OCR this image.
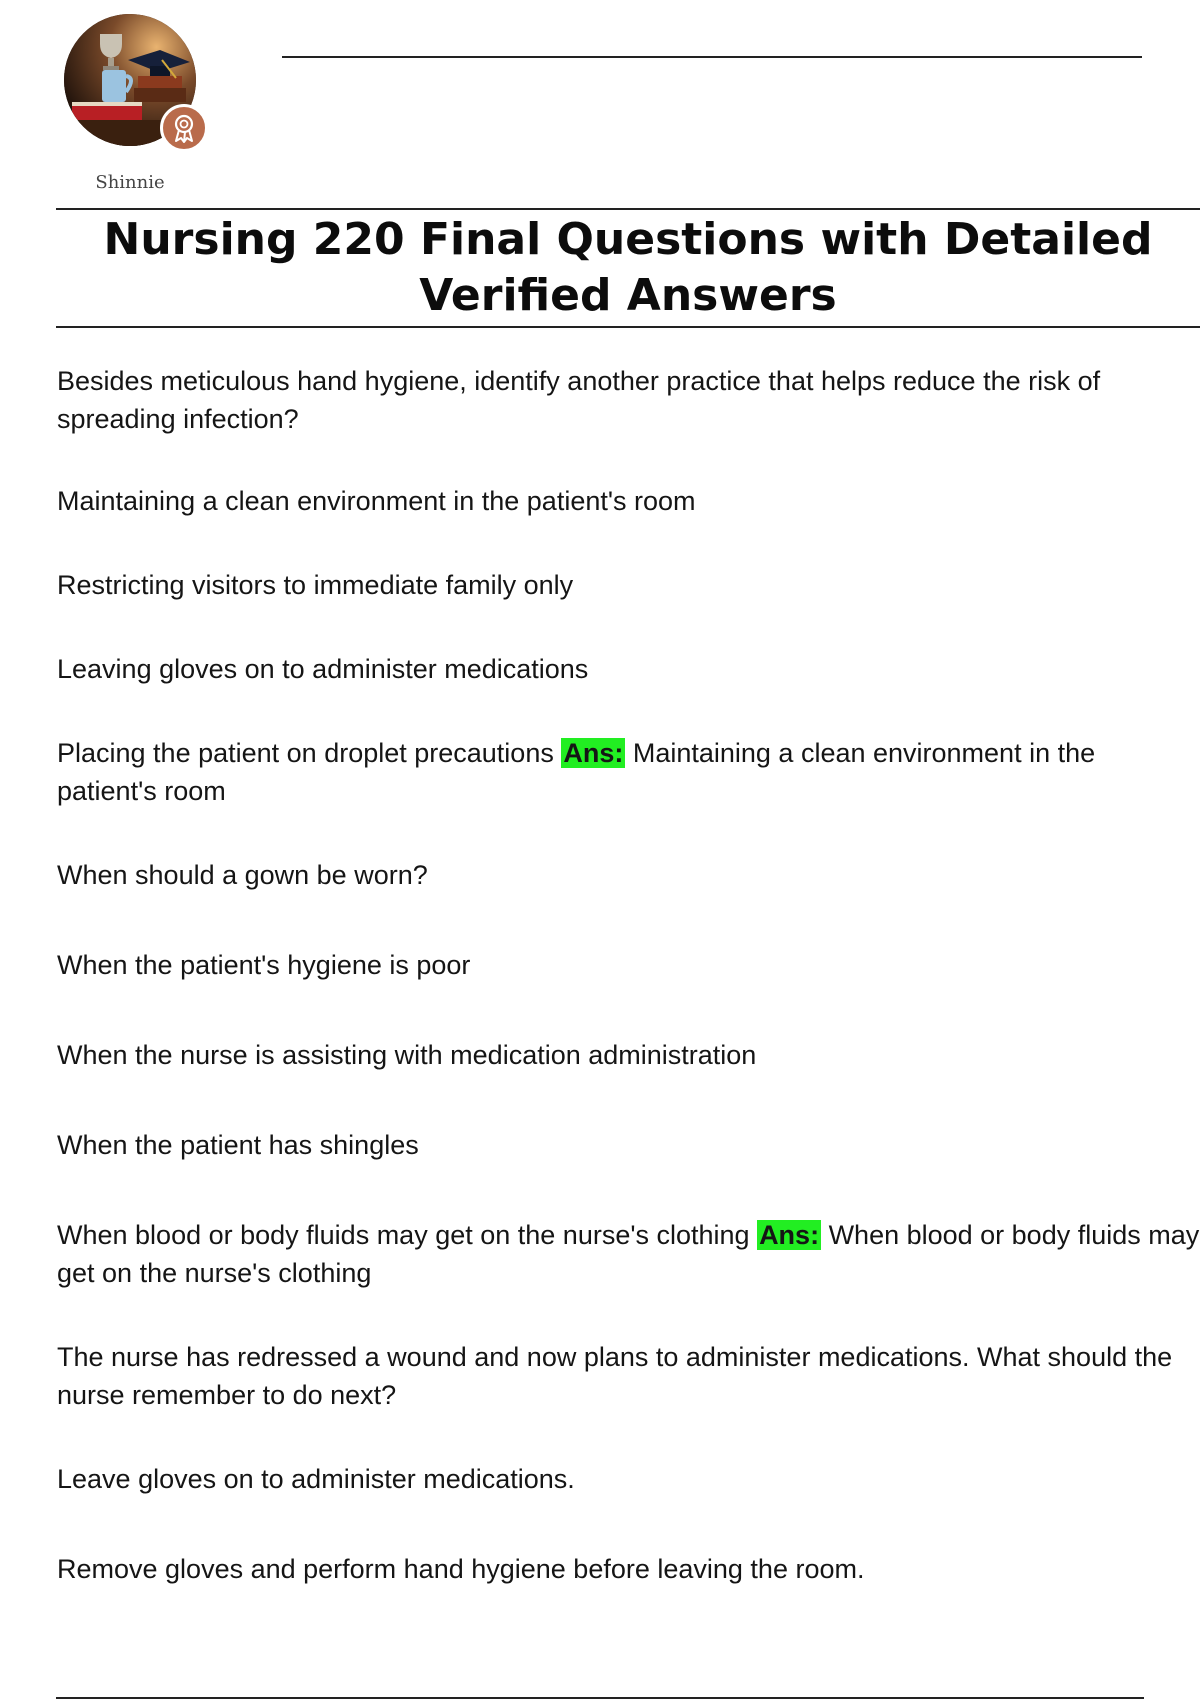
Shinnie
Nursing 220 Final Questions with Detailed
Verified Answers

Besides meticulous hand hygiene, identify another practice that helps reduce the risk of spreading infection?

Maintaining a clean environment in the patient's room

Restricting visitors to immediate family only

Leaving gloves on to administer medications

Placing the patient on droplet precautions Ans: Maintaining a clean environment in the patient's room

When should a gown be worn?

When the patient's hygiene is poor

When the nurse is assisting with medication administration

When the patient has shingles

When blood or body fluids may get on the nurse's clothing Ans: When blood or body fluids may get on the nurse's clothing

The nurse has redressed a wound and now plans to administer medications. What should the nurse remember to do next?

Leave gloves on to administer medications.

Remove gloves and perform hand hygiene before leaving the room.
